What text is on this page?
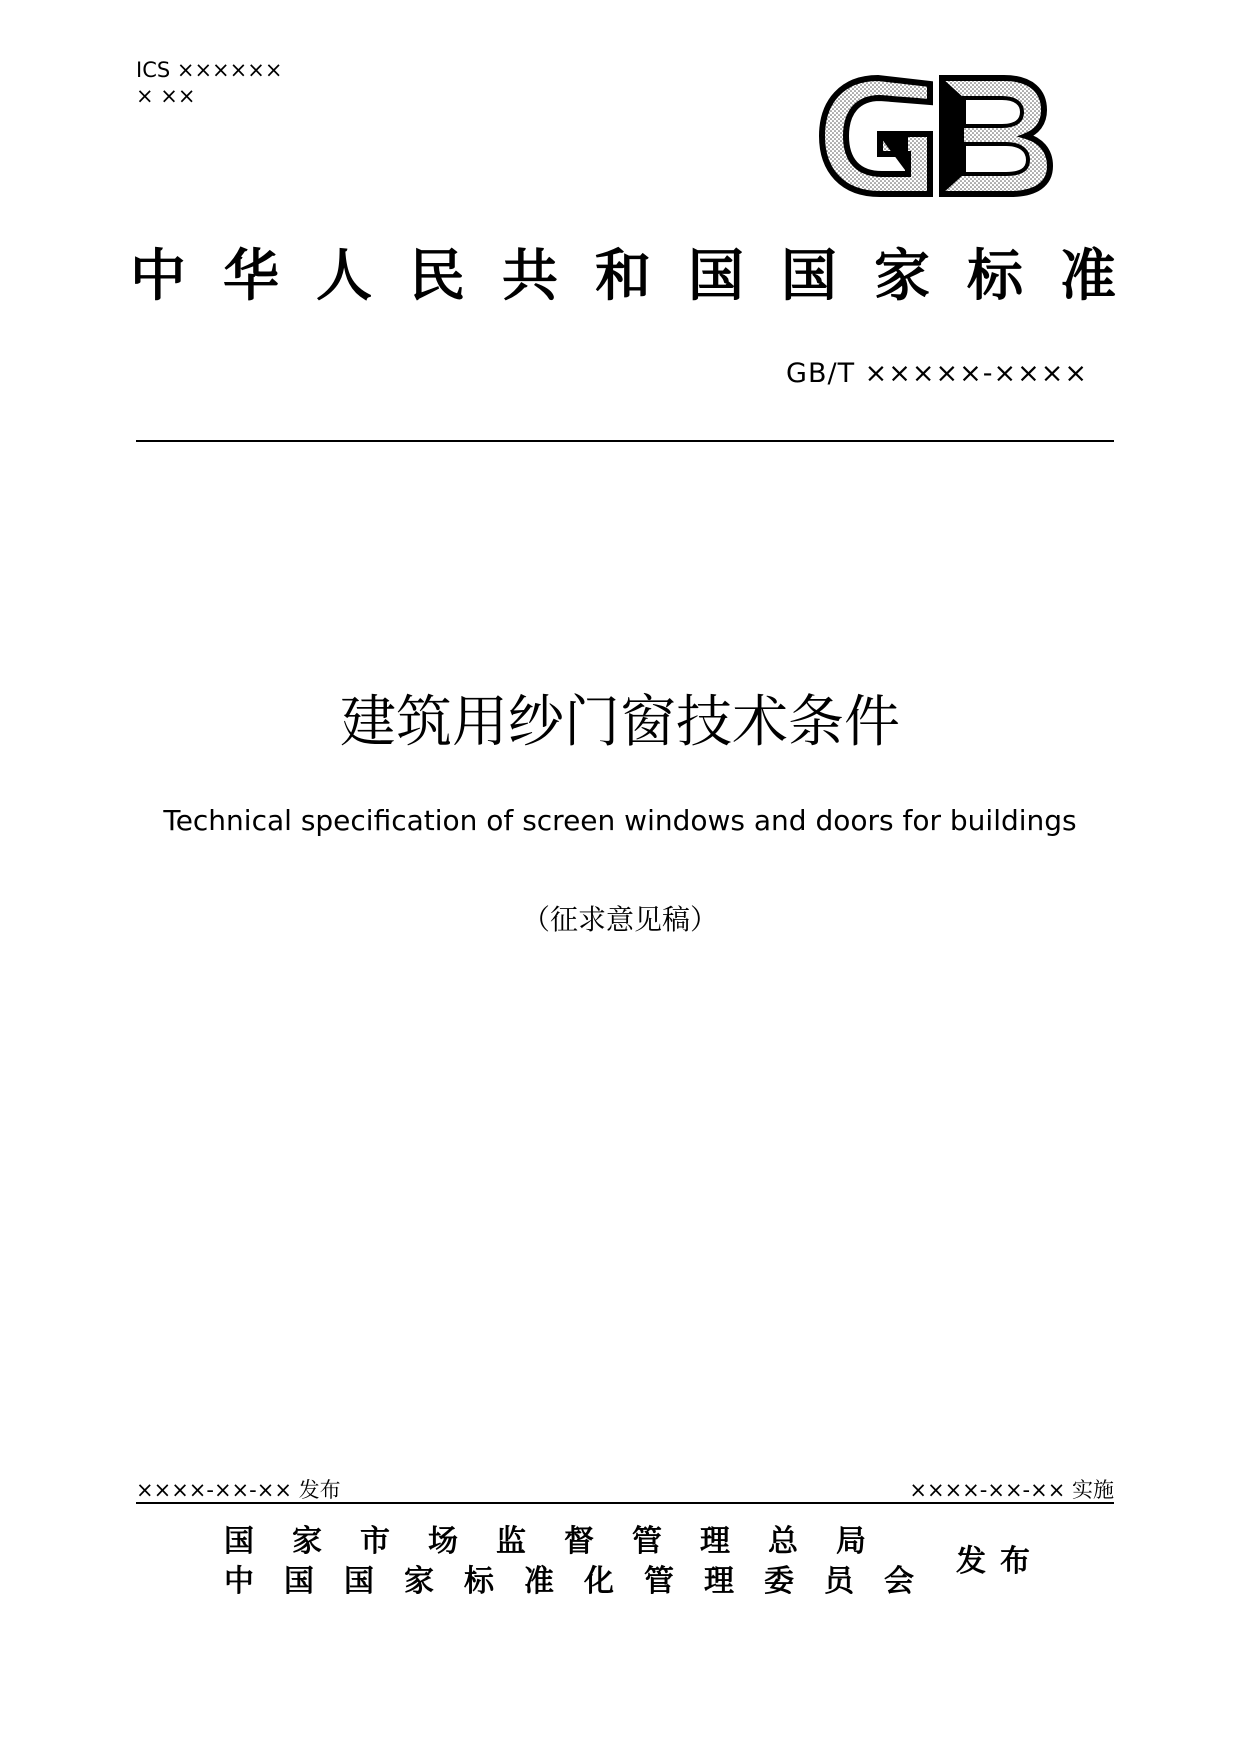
ICS ××××××
× ××
中华人民共和国国家标准
GB/T ×××××-××××
建筑用纱门窗技术条件
Technical specification of screen windows and doors for buildings
（征求意见稿）
××××-××-×× 发布	××××-××-×× 实施
国家市场监督管理总局
中国国家标准化管理委员会
发布
